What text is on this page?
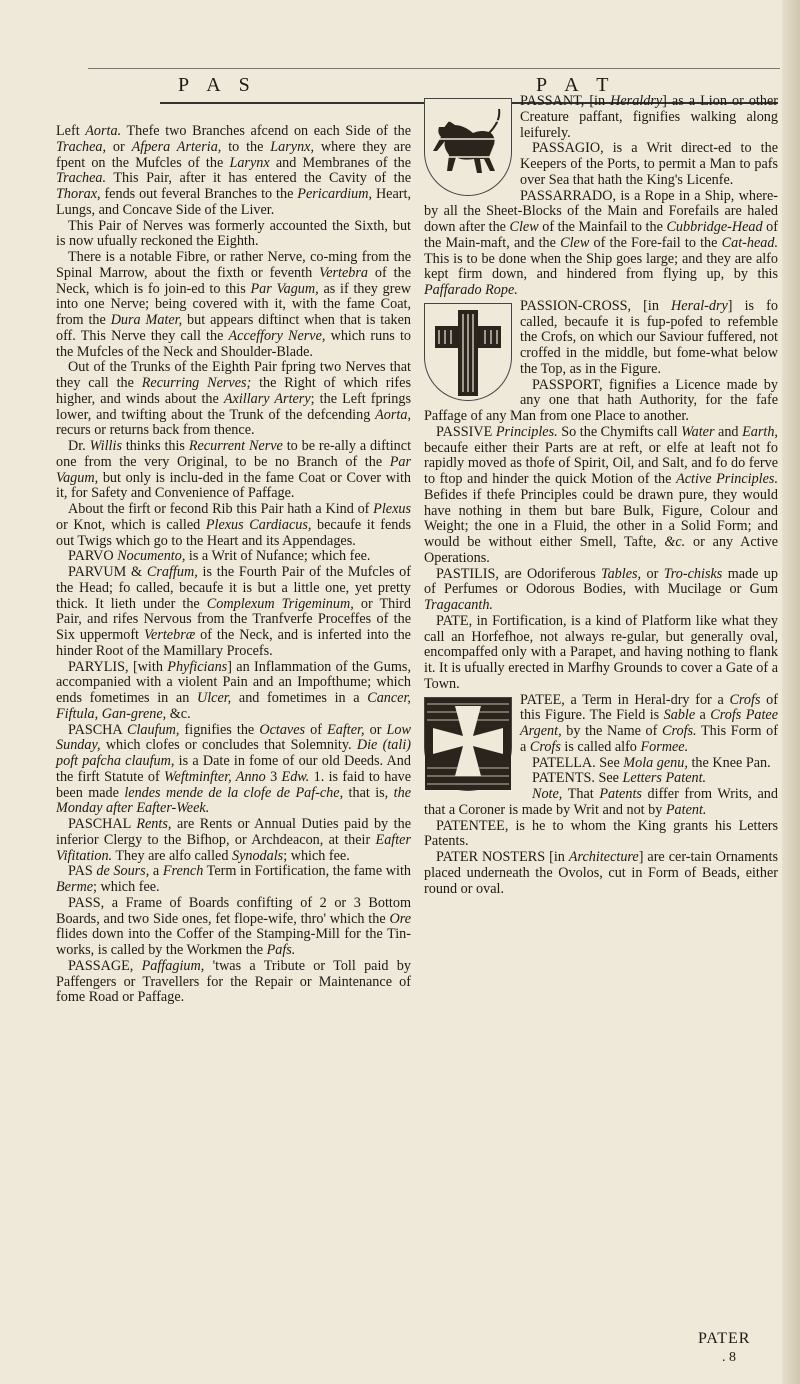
P A S	P A T

Left Aorta. Thefe two Branches afcend on each Side of the Trachea, or Afpera Arteria, to the Larynx, where they are fpent on the Mufcles of the Larynx and Membranes of the Trachea. This Pair, after it has entered the Cavity of the Thorax, fends out feveral Branches to the Pericardium, Heart, Lungs, and Concave Side of the Liver.

This Pair of Nerves was formerly accounted the Sixth, but is now ufually reckoned the Eighth.

There is a notable Fibre, or rather Nerve, co-ming from the Spinal Marrow, about the fixth or feventh Vertebra of the Neck, which is fo join-ed to this Par Vagum, as if they grew into one Nerve; being covered with it, with the fame Coat, from the Dura Mater, but appears diftinct when that is taken off. This Nerve they call the Acceffory Nerve, which runs to the Mufcles of the Neck and Shoulder-Blade.

Out of the Trunks of the Eighth Pair fpring two Nerves that they call the Recurring Nerves; the Right of which rifes higher, and winds about the Axillary Artery; the Left fprings lower, and twifting about the Trunk of the defcending Aorta, recurs or returns back from thence.

Dr. Willis thinks this Recurrent Nerve to be re-ally a diftinct one from the very Original, to be no Branch of the Par Vagum, but only is inclu-ded in the fame Coat or Cover with it, for Safety and Convenience of Paffage.

About the firft or fecond Rib this Pair hath a Kind of Plexus or Knot, which is called Plexus Cardiacus, becaufe it fends out Twigs which go to the Heart and its Appendages.

PARVO Nocumento, is a Writ of Nufance; which fee.

PARVUM & Craffum, is the Fourth Pair of the Mufcles of the Head; fo called, becaufe it is but a little one, yet pretty thick. It lieth under the Complexum Trigeminum, or Third Pair, and rifes Nervous from the Tranfverfe Proceffes of the Six uppermoft Vertebræ of the Neck, and is inferted into the hinder Root of the Mamillary Procefs.

PARYLIS, [with Phyficians] an Inflammation of the Gums, accompanied with a violent Pain and an Impofthume; which ends fometimes in an Ulcer, and fometimes in a Cancer, Fiftula, Gan-grene, &c.

PASCHA Claufum, fignifies the Octaves of Eafter, or Low Sunday, which clofes or concludes that Solemnity. Die (tali) poft pafcha claufum, is a Date in fome of our old Deeds. And the firft Statute of Weftminfter, Anno 3 Edw. 1. is faid to have been made lendes mende de la clofe de Paf-che, that is, the Monday after Eafter-Week.

PASCHAL Rents, are Rents or Annual Duties paid by the inferior Clergy to the Bifhop, or Archdeacon, at their Eafter Vifitation. They are alfo called Synodals; which fee.

PAS de Sours, a French Term in Fortification, the fame with Berme; which fee.

PASS, a Frame of Boards confifting of 2 or 3 Bottom Boards, and two Side ones, fet flope-wife, thro' which the Ore flides down into the Coffer of the Stamping-Mill for the Tin-works, is called by the Workmen the Pafs.

PASSAGE, Paffagium, 'twas a Tribute or Toll paid by Paffengers or Travellers for the Repair or Maintenance of fome Road or Paffage.

PASSANT, [in Heraldry] as a Lion or other Creature paffant, fignifies walking along leifurely.

PASSAGIO, is a Writ direct-ed to the Keepers of the Ports, to permit a Man to pafs over Sea that hath the King's Licenfe.

PASSARRADO, is a Rope in a Ship, where-by all the Sheet-Blocks of the Main and Forefails are haled down after the Clew of the Mainfail to the Cubbridge-Head of the Main-maft, and the Clew of the Fore-fail to the Cat-head. This is to be done when the Ship goes large; and they are alfo kept firm down, and hindered from flying up, by this Paffarado Rope.

PASSION-CROSS, [in Heral-dry] is fo called, becaufe it is fup-pofed to refemble the Crofs, on which our Saviour fuffered, not croffed in the middle, but fome-what below the Top, as in the Figure.

PASSPORT, fignifies a Licence made by any one that hath Authority, for the fafe Paffage of any Man from one Place to another.

PASSIVE Principles. So the Chymifts call Water and Earth, becaufe either their Parts are at reft, or elfe at leaft not fo rapidly moved as thofe of Spirit, Oil, and Salt, and fo do ferve to ftop and hinder the quick Motion of the Active Principles. Befides if thefe Principles could be drawn pure, they would have nothing in them but bare Bulk, Figure, Colour and Weight; the one in a Fluid, the other in a Solid Form; and would be without either Smell, Tafte, &c. or any Active Operations.

PASTILIS, are Odoriferous Tables, or Tro-chisks made up of Perfumes or Odorous Bodies, with Mucilage or Gum Tragacanth.

PATE, in Fortification, is a kind of Platform like what they call an Horfefhoe, not always re-gular, but generally oval, encompaffed only with a Parapet, and having nothing to flank it. It is ufually erected in Marfhy Grounds to cover a Gate of a Town.

PATEE, a Term in Heral-dry for a Crofs of this Figure. The Field is Sable a Crofs Patee Argent, by the Name of Crofs. This Form of a Crofs is called alfo Formee.

PATELLA. See Mola genu, the Knee Pan.

PATENTS. See Letters Patent.

Note, That Patents differ from Writs, and that a Coroner is made by Writ and not by Patent.

PATENTEE, is he to whom the King grants his Letters Patents.

PATER NOSTERS [in Architecture] are cer-tain Ornaments placed underneath the Ovolos, cut in Form of Beads, either round or oval.

PATER
. 8
